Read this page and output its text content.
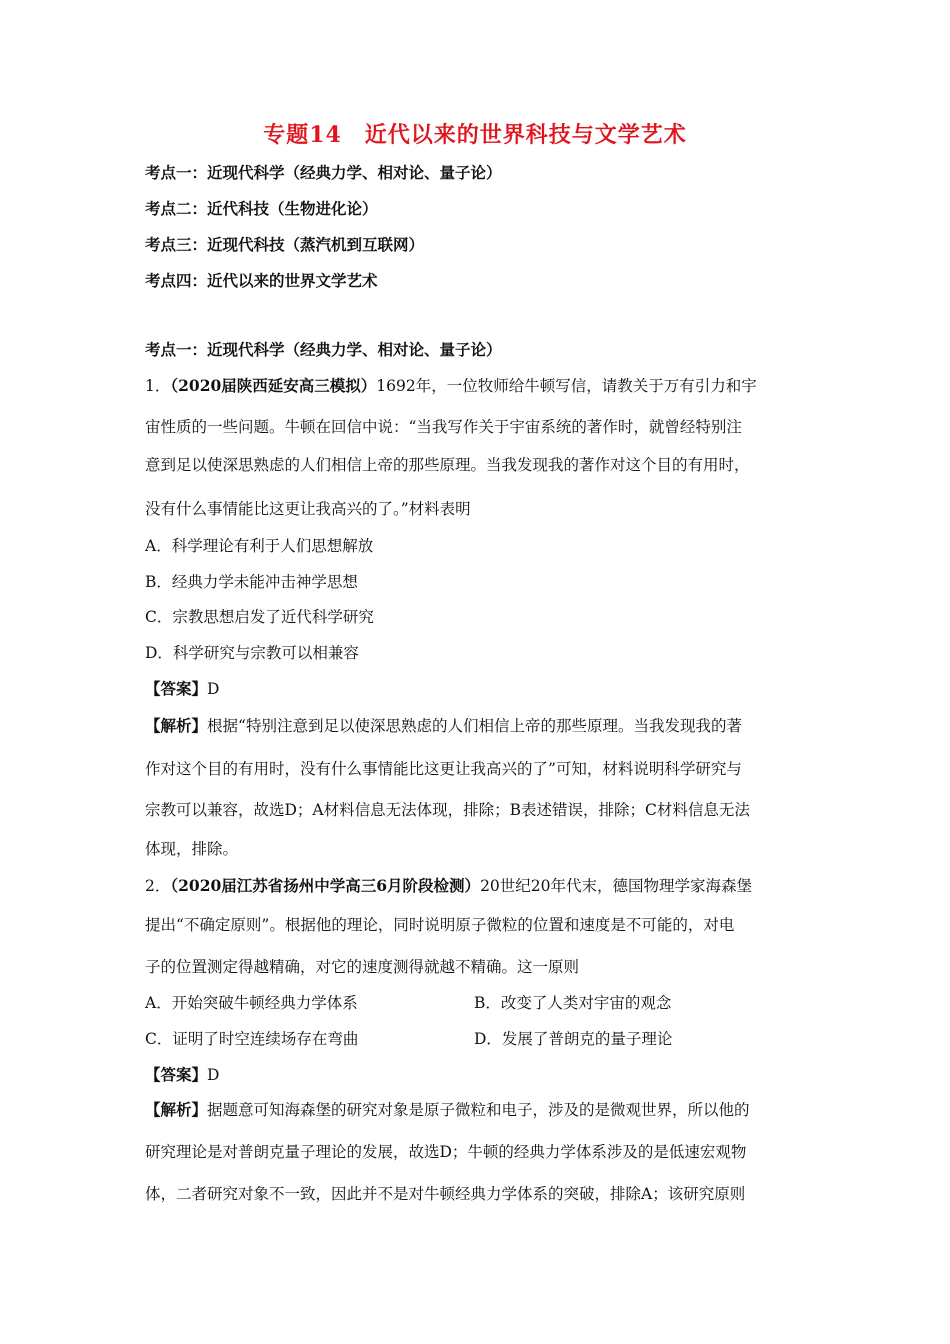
专题14　近代以来的世界科技与文学艺术
考点一：近现代科学（经典力学、相对论、量子论）
考点二：近代科技（生物进化论）
考点三：近现代科技（蒸汽机到互联网）
考点四：近代以来的世界文学艺术
考点一：近现代科学（经典力学、相对论、量子论）
1．（2020届陕西延安高三模拟）1692年，一位牧师给牛顿写信，请教关于万有引力和宇
宙性质的一些问题。牛顿在回信中说：“当我写作关于宇宙系统的著作时，就曾经特别注
意到足以使深思熟虑的人们相信上帝的那些原理。当我发现我的著作对这个目的有用时，
没有什么事情能比这更让我高兴的了。”材料表明
A．科学理论有利于人们思想解放
B．经典力学未能冲击神学思想
C．宗教思想启发了近代科学研究
D．科学研究与宗教可以相兼容
【答案】D
【解析】根据“特别注意到足以使深思熟虑的人们相信上帝的那些原理。当我发现我的著
作对这个目的有用时，没有什么事情能比这更让我高兴的了”可知，材料说明科学研究与
宗教可以兼容，故选D；A材料信息无法体现，排除；B表述错误，排除；C材料信息无法
体现，排除。
2．（2020届江苏省扬州中学高三6月阶段检测）20世纪20年代末，德国物理学家海森堡
提出“不确定原则”。根据他的理论，同时说明原子微粒的位置和速度是不可能的，对电
子的位置测定得越精确，对它的速度测得就越不精确。这一原则
A．开始突破牛顿经典力学体系	B．改变了人类对宇宙的观念
C．证明了时空连续场存在弯曲	D．发展了普朗克的量子理论
【答案】D
【解析】据题意可知海森堡的研究对象是原子微粒和电子，涉及的是微观世界，所以他的
研究理论是对普朗克量子理论的发展，故选D；牛顿的经典力学体系涉及的是低速宏观物
体，二者研究对象不一致，因此并不是对牛顿经典力学体系的突破，排除A；该研究原则
